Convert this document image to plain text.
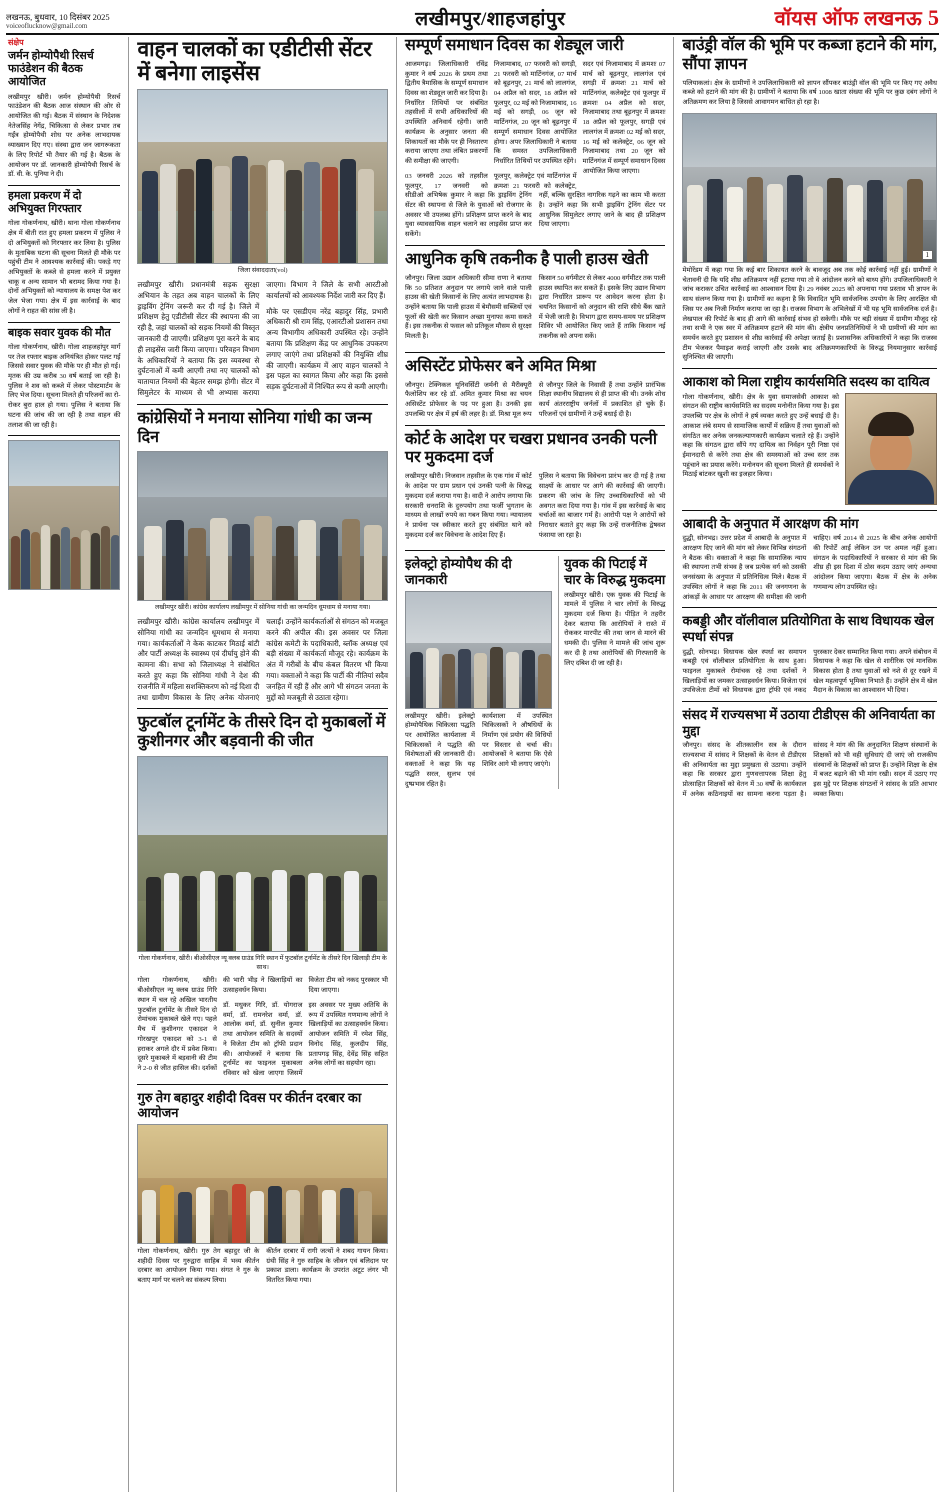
लखनऊ, बुधवार, 10 दिसंबर 2025
voiceoflucknow@gmail.com	लखीमपुर/शाहजहांपुर	वॉयस ऑफ लखनऊ 5
संक्षेप
जर्मन होम्योपैथी रिसर्च फाउंडेशन की बैठक आयोजित

लखीमपुर खीरी। जर्मन होम्योपैथी रिसर्च फाउंडेशन की बैठक आज संस्थान की ओर से आयोजित की गई। बैठक में संस्थान के निदेशक नेतेजसिंह नेगेंद्र, चिकित्सा से लेकर प्रभार तब गईंत्र होम्योपैथी शोध पर अनेक लाभदायक व्याख्यान दिए गए। संस्था द्वारा जन जागरूकता के लिए रिपोर्ट भी तैयार की गई है। बैठक के आयोजन पर डॉ. जानकारी होम्योपैथी रिसर्च के डॉ. वी. के. पुनिया ने दी।

हमला प्रकरण में दो अभियुक्त गिरफ्तार

गोला गोकर्णनाथ, खीरी। थाना गोला गोकर्णनाथ क्षेत्र में बीती रात हुए हमला प्रकरण में पुलिस ने दो अभियुक्तों को गिरफ्तार कर लिया है। पुलिस के मुताबिक घटना की सूचना मिलते ही मौके पर पहुंची टीम ने आवश्यक कार्रवाई की। पकड़े गए अभियुक्तों के कब्जे से हमला करने में प्रयुक्त चाकू व अन्य सामान भी बरामद किया गया है। दोनों अभियुक्तों को न्यायालय के समक्ष पेश कर जेल भेजा गया। क्षेत्र में इस कार्रवाई के बाद लोगों ने राहत की सांस ली है।

बाइक सवार युवक की मौत

गोला गोकर्णनाथ, खीरी। गोला शाहजहांपुर मार्ग पर तेज रफ्तार बाइक अनियंत्रित होकर पलट गई जिससे सवार युवक की मौके पर ही मौत हो गई। मृतक की उम्र करीब 30 वर्ष बताई जा रही है। पुलिस ने शव को कब्जे में लेकर पोस्टमार्टम के लिए भेज दिया। सूचना मिलते ही परिजनों का रो-रोकर बुरा हाल हो गया। पुलिस ने बताया कि घटना की जांच की जा रही है तथा वाहन की तलाश की जा रही है।

वाहन चालकों का एडीटीसी सेंटर में बनेगा लाइसेंस
जिला संवाददाता(vol)

लखीमपुर खीरी। प्रधानमंत्री सड़क सुरक्षा अभियान के तहत अब वाहन चालकों के लिए ड्राइविंग ट्रेनिंग जरूरी कर दी गई है। जिले में प्रशिक्षण हेतु एडीटीसी सेंटर की स्थापना की जा रही है, जहां चालकों को सड़क नियमों की विस्तृत जानकारी दी जाएगी। प्रशिक्षण पूरा करने के बाद ही लाइसेंस जारी किया जाएगा। परिवहन विभाग के अधिकारियों ने बताया कि इस व्यवस्था से दुर्घटनाओं में कमी आएगी तथा नए चालकों को यातायात नियमों की बेहतर समझ होगी। सेंटर में सिमुलेटर के माध्यम से भी अभ्यास कराया जाएगा। विभाग ने जिले के सभी आरटीओ कार्यालयों को आवश्यक निर्देश जारी कर दिए हैं।

मौके पर एसडीएम नरेंद्र बहादुर सिंह, प्रभारी अधिकारी श्री राम सिंह, एआरटीओ प्रशासन तथा अन्य विभागीय अधिकारी उपस्थित रहे। उन्होंने बताया कि प्रशिक्षण केंद्र पर आधुनिक उपकरण लगाए जाएंगे तथा प्रशिक्षकों की नियुक्ति शीघ्र की जाएगी। कार्यक्रम में आए वाहन चालकों ने इस पहल का स्वागत किया और कहा कि इससे सड़क दुर्घटनाओं में निश्चित रूप से कमी आएगी।

कांग्रेसियों ने मनाया सोनिया गांधी का जन्म दिन
लखीमपुर खीरी। कांग्रेस कार्यालय लखीमपुर में सोनिया गांधी का जन्मदिन धूमधाम से मनाया गया।

लखीमपुर खीरी। कांग्रेस कार्यालय लखीमपुर में सोनिया गांधी का जन्मदिन धूमधाम से मनाया गया। कार्यकर्ताओं ने केक काटकर मिठाई बांटी और पार्टी अध्यक्ष के स्वास्थ्य एवं दीर्घायु होने की कामना की। सभा को जिलाध्यक्ष ने संबोधित करते हुए कहा कि सोनिया गांधी ने देश की राजनीति में महिला सशक्तिकरण को नई दिशा दी तथा ग्रामीण विकास के लिए अनेक योजनाएं चलाईं। उन्होंने कार्यकर्ताओं से संगठन को मजबूत करने की अपील की। इस अवसर पर जिला कांग्रेस कमेटी के पदाधिकारी, ब्लॉक अध्यक्ष एवं बड़ी संख्या में कार्यकर्ता मौजूद रहे। कार्यक्रम के अंत में गरीबों के बीच कंबल वितरण भी किया गया। वक्ताओं ने कहा कि पार्टी की नीतियां सदैव जनहित में रही हैं और आगे भी संगठन जनता के मुद्दों को मजबूती से उठाता रहेगा।

फुटबॉल टूर्नामेंट के तीसरे दिन दो मुकाबलों में कुशीनगर और बड़वानी की जीत
गोला गोकर्णनाथ, खीरी। बीओसीएल न्यू क्लब ग्राउंड गिरि स्थान में फुटबॉल टूर्नामेंट के तीसरे दिन खिलाड़ी टीम के साथ।

गोला गोकर्णनाथ, खीरी। बीओसीएल न्यू क्लब ग्राउंड गिरि स्थान में चल रहे अखिल भारतीय फुटबॉल टूर्नामेंट के तीसरे दिन दो रोमांचक मुकाबले खेले गए। पहले मैच में कुशीनगर एकादश ने गोरखपुर एकादश को 3-1 से हराकर अगले दौर में प्रवेश किया। दूसरे मुकाबले में बड़वानी की टीम ने 2-0 से जीत हासिल की। दर्शकों की भारी भीड़ ने खिलाड़ियों का उत्साहवर्धन किया।

डॉ. मधुकर गिरि, डॉ. योगराज वर्मा, डॉ. रामनरेश वर्मा, डॉ. आलोक वर्मा, डॉ. सुनील कुमार तथा आयोजन समिति के सदस्यों ने विजेता टीम को ट्रॉफी प्रदान की। आयोजकों ने बताया कि टूर्नामेंट का फाइनल मुकाबला रविवार को खेला जाएगा जिसमें विजेता टीम को नकद पुरस्कार भी दिया जाएगा।

इस अवसर पर मुख्य अतिथि के रूप में उपस्थित गणमान्य लोगों ने खिलाड़ियों का उत्साहवर्धन किया। आयोजन समिति में रमेश सिंह, विनोद सिंह, कुलदीप सिंह, प्रतापगढ़ सिंह, देवेंद्र सिंह सहित अनेक लोगों का सहयोग रहा।

गुरु तेग बहादुर शहीदी दिवस पर कीर्तन दरबार का आयोजन

गोला गोकर्णनाथ, खीरी। गुरु तेग बहादुर जी के शहीदी दिवस पर गुरुद्वारा साहिब में भव्य कीर्तन दरबार का आयोजन किया गया। संगत ने गुरु के बताए मार्ग पर चलने का संकल्प लिया।

कीर्तन दरबार में रागी जत्थों ने शबद गायन किया। ग्रंथी सिंह ने गुरु साहिब के जीवन एवं बलिदान पर प्रकाश डाला। कार्यक्रम के उपरांत अटूट लंगर भी वितरित किया गया।

सम्पूर्ण समाधान दिवस का शेड्यूल जारी

आजमगढ़। जिलाधिकारी रविंद्र कुमार ने वर्ष 2026 के प्रथम तथा द्वितीय त्रैमासिक के सम्पूर्ण समाधान दिवस का शेड्यूल जारी कर दिया है। निर्धारित तिथियों पर संबंधित तहसीलों में सभी अधिकारियों की उपस्थिति अनिवार्य रहेगी। जारी कार्यक्रम के अनुसार जनता की शिकायतों का मौके पर ही निस्तारण कराया जाएगा तथा लंबित प्रकरणों की समीक्षा की जाएगी।

03 जनवरी 2026 को तहसील फूलपुर, 17 जनवरी को निजामाबाद, 07 फरवरी को सगड़ी, 21 फरवरी को मार्टिनगंज, 07 मार्च को बूढ़नपुर, 21 मार्च को लालगंज, 04 अप्रैल को सदर, 18 अप्रैल को फूलपुर, 02 मई को निजामाबाद, 16 मई को सगड़ी, 06 जून को मार्टिनगंज, 20 जून को बूढ़नपुर में सम्पूर्ण समाधान दिवस आयोजित होगा। अपर जिलाधिकारी ने बताया कि समस्त उपजिलाधिकारी निर्धारित तिथियों पर उपस्थित रहेंगे।

फूलपुर, कलेक्ट्रेट एवं मार्टिनगंज में क्रमशः 21 फरवरी को कलेक्ट्रेट, सदर एवं निजामाबाद में क्रमशः 07 मार्च को बूढ़नपुर, लालगंज एवं सगड़ी में क्रमशः 21 मार्च को मार्टिनगंज, कलेक्ट्रेट एवं फूलपुर में क्रमशः 04 अप्रैल को सदर, निजामाबाद तथा बूढ़नपुर में क्रमशः 18 अप्रैल को फूलपुर, सगड़ी एवं लालगंज में क्रमशः 02 मई को सदर, 16 मई को कलेक्ट्रेट, 06 जून को निजामाबाद तथा 20 जून को मार्टिनगंज में सम्पूर्ण समाधान दिवस आयोजित किया जाएगा।

सीडीओ अभिषेक कुमार ने कहा कि ड्राइविंग ट्रेनिंग सेंटर की स्थापना से जिले के युवाओं को रोजगार के अवसर भी उपलब्ध होंगे। प्रशिक्षण प्राप्त करने के बाद युवा व्यावसायिक वाहन चलाने का लाइसेंस प्राप्त कर सकेंगे।

नहीं, बल्कि सुरक्षित नागरिक गढ़ने का काम भी करता है। उन्होंने कहा कि सभी ड्राइविंग ट्रेनिंग सेंटर पर आधुनिक सिमुलेटर लगाए जाने के बाद ही प्रशिक्षण दिया जाएगा।

आधुनिक कृषि तकनीक है पाली हाउस खेती

जौनपुर। जिला उद्यान अधिकारी सीमा राणा ने बताया कि 50 प्रतिशत अनुदान पर लगाये जाने वाले पाली हाउस की खेती किसानों के लिए अत्यंत लाभदायक है। उन्होंने बताया कि पाली हाउस में बेमौसमी सब्जियों एवं फूलों की खेती कर किसान अच्छा मुनाफा कमा सकते हैं। इस तकनीक से फसल को प्रतिकूल मौसम से सुरक्षा मिलती है।

किसान 50 वर्गमीटर से लेकर 4000 वर्गमीटर तक पाली हाउस स्थापित कर सकते हैं। इसके लिए उद्यान विभाग द्वारा निर्धारित प्रारूप पर आवेदन करना होता है। चयनित किसानों को अनुदान की राशि सीधे बैंक खाते में भेजी जाती है। विभाग द्वारा समय-समय पर प्रशिक्षण शिविर भी आयोजित किए जाते हैं ताकि किसान नई तकनीक को अपना सकें।

असिस्टेंट प्रोफेसर बने अमित मिश्रा

जौनपुर। टेक्निकल यूनिवर्सिटी जर्मनी से मैरीक्यूरी फैलोशिप कर रहे डॉ. अमित कुमार मिश्रा का चयन असिस्टेंट प्रोफेसर के पद पर हुआ है। उनकी इस उपलब्धि पर क्षेत्र में हर्ष की लहर है। डॉ. मिश्रा मूल रूप से जौनपुर जिले के निवासी हैं तथा उन्होंने प्रारंभिक शिक्षा स्थानीय विद्यालय से ही प्राप्त की थी। उनके शोध कार्य अंतरराष्ट्रीय जर्नलों में प्रकाशित हो चुके हैं। परिजनों एवं ग्रामीणों ने उन्हें बधाई दी है।

कोर्ट के आदेश पर चखरा प्रधानव उनकी पत्नी पर मुकदमा दर्ज

लखीमपुर खीरी। निजवान तहसील के एक गांव में कोर्ट के आदेश पर ग्राम प्रधान एवं उनकी पत्नी के विरुद्ध मुकदमा दर्ज कराया गया है। वादी ने आरोप लगाया कि सरकारी धनराशि के दुरुपयोग तथा फर्जी भुगतान के माध्यम से लाखों रुपये का गबन किया गया। न्यायालय ने प्रार्थना पत्र स्वीकार करते हुए संबंधित थाने को मुकदमा दर्ज कर विवेचना के आदेश दिए हैं।

पुलिस ने बताया कि विवेचना प्रारंभ कर दी गई है तथा साक्ष्यों के आधार पर आगे की कार्रवाई की जाएगी। प्रकरण की जांच के लिए उच्चाधिकारियों को भी अवगत करा दिया गया है। गांव में इस कार्रवाई के बाद चर्चाओं का बाजार गर्म है। आरोपी पक्ष ने आरोपों को निराधार बताते हुए कहा कि उन्हें राजनीतिक द्वेषवश फंसाया जा रहा है।

इलेक्ट्रो होम्योपैथ की दी जानकारी

लखीमपुर खीरी। इलेक्ट्रो होम्योपैथिक चिकित्सा पद्धति पर आयोजित कार्यशाला में चिकित्सकों ने पद्धति की विशेषताओं की जानकारी दी। वक्ताओं ने कहा कि यह पद्धति सरल, सुलभ एवं दुष्प्रभाव रहित है।

कार्यशाला में उपस्थित चिकित्सकों ने औषधियों के निर्माण एवं प्रयोग की विधियों पर विस्तार से चर्चा की। आयोजकों ने बताया कि ऐसे शिविर आगे भी लगाए जाएंगे।

युवक की पिटाई में चार के विरुद्ध मुकदमा

लखीमपुर खीरी। एक युवक की पिटाई के मामले में पुलिस ने चार लोगों के विरुद्ध मुकदमा दर्ज किया है। पीड़ित ने तहरीर देकर बताया कि आरोपियों ने रास्ते में रोककर मारपीट की तथा जान से मारने की धमकी दी। पुलिस ने मामले की जांच शुरू कर दी है तथा आरोपियों की गिरफ्तारी के लिए दबिश दी जा रही है।

बाउंड्री वॉल की भूमि पर कब्जा हटाने की मांग, सौंपा ज्ञापन

पलियाकलां। क्षेत्र के ग्रामीणों ने उपजिलाधिकारी को ज्ञापन सौंपकर बाउंड्री वॉल की भूमि पर किए गए अवैध कब्जे को हटाने की मांग की है। ग्रामीणों ने बताया कि वर्ष 1008 खाता संख्या की भूमि पर कुछ दबंग लोगों ने अतिक्रमण कर लिया है जिससे आवागमन बाधित हो रहा है।

1

मेमोरेंडम में कहा गया कि कई बार शिकायत करने के बावजूद अब तक कोई कार्रवाई नहीं हुई। ग्रामीणों ने चेतावनी दी कि यदि शीघ्र अतिक्रमण नहीं हटाया गया तो वे आंदोलन करने को बाध्य होंगे। उपजिलाधिकारी ने जांच कराकर उचित कार्रवाई का आश्वासन दिया है। 29 नवंबर 2025 को अपनाया गया प्रस्ताव भी ज्ञापन के साथ संलग्न किया गया है। ग्रामीणों का कहना है कि विवादित भूमि सार्वजनिक उपयोग के लिए आरक्षित थी जिस पर अब निजी निर्माण कराया जा रहा है। राजस्व विभाग के अभिलेखों में भी यह भूमि सार्वजनिक दर्ज है। लेखपाल की रिपोर्ट के बाद ही आगे की कार्रवाई संभव हो सकेगी। मौके पर बड़ी संख्या में ग्रामीण मौजूद रहे तथा सभी ने एक स्वर में अतिक्रमण हटाने की मांग की। क्षेत्रीय जनप्रतिनिधियों ने भी ग्रामीणों की मांग का समर्थन करते हुए प्रशासन से शीघ्र कार्रवाई की अपेक्षा जताई है। प्रशासनिक अधिकारियों ने कहा कि राजस्व टीम भेजकर पैमाइश कराई जाएगी और उसके बाद अतिक्रमणकारियों के विरुद्ध नियमानुसार कार्रवाई सुनिश्चित की जाएगी।

आकाश को मिला राष्ट्रीय कार्यसमिति सदस्य का दायित्व

गोला गोकर्णनाथ, खीरी। क्षेत्र के युवा समाजसेवी आकाश को संगठन की राष्ट्रीय कार्यसमिति का सदस्य मनोनीत किया गया है। इस उपलब्धि पर क्षेत्र के लोगों ने हर्ष व्यक्त करते हुए उन्हें बधाई दी है। आकाश लंबे समय से सामाजिक कार्यों में सक्रिय हैं तथा युवाओं को संगठित कर अनेक जनकल्याणकारी कार्यक्रम चलाते रहे हैं। उन्होंने कहा कि संगठन द्वारा सौंपे गए दायित्व का निर्वहन पूरी निष्ठा एवं ईमानदारी से करेंगे तथा क्षेत्र की समस्याओं को उच्च स्तर तक पहुंचाने का प्रयास करेंगे। मनोनयन की सूचना मिलते ही समर्थकों ने मिठाई बांटकर खुशी का इजहार किया।

आबादी के अनुपात में आरक्षण की मांग

दुद्धी, सोनभद्र। उत्तर प्रदेश में आबादी के अनुपात में आरक्षण दिए जाने की मांग को लेकर विभिन्न संगठनों ने बैठक की। वक्ताओं ने कहा कि सामाजिक न्याय की स्थापना तभी संभव है जब प्रत्येक वर्ग को उसकी जनसंख्या के अनुपात में प्रतिनिधित्व मिले। बैठक में उपस्थित लोगों ने कहा कि 2011 की जनगणना के आंकड़ों के आधार पर आरक्षण की समीक्षा की जानी चाहिए। वर्ष 2014 से 2025 के बीच अनेक आयोगों की रिपोर्टें आईं लेकिन उन पर अमल नहीं हुआ। संगठन के पदाधिकारियों ने सरकार से मांग की कि शीघ्र ही इस दिशा में ठोस कदम उठाए जाएं अन्यथा आंदोलन किया जाएगा। बैठक में क्षेत्र के अनेक गणमान्य लोग उपस्थित रहे।

कबड्डी और वॉलीवाल प्रतियोगिता के साथ विधायक खेल स्पर्धा संपन्न

दुद्धी, सोनभद्र। विधायक खेल स्पर्धा का समापन कबड्डी एवं वॉलीबाल प्रतियोगिता के साथ हुआ। फाइनल मुकाबले रोमांचक रहे तथा दर्शकों ने खिलाड़ियों का जमकर उत्साहवर्धन किया। विजेता एवं उपविजेता टीमों को विधायक द्वारा ट्रॉफी एवं नकद पुरस्कार देकर सम्मानित किया गया। अपने संबोधन में विधायक ने कहा कि खेल से शारीरिक एवं मानसिक विकास होता है तथा युवाओं को नशे से दूर रखने में खेल महत्वपूर्ण भूमिका निभाते हैं। उन्होंने क्षेत्र में खेल मैदान के विकास का आश्वासन भी दिया।

संसद में राज्यसभा में उठाया टीडीएस की अनिवार्यता का मुद्दा

जौनपुर। संसद के शीतकालीन सत्र के दौरान राज्यसभा में सांसद ने शिक्षकों के वेतन से टीडीएस की अनिवार्यता का मुद्दा प्रमुखता से उठाया। उन्होंने कहा कि सरकार द्वारा गुणवत्तापरक शिक्षा हेतु प्रोत्साहित शिक्षकों को वेतन में 30 वर्षों के कार्यकाल में अनेक कठिनाइयों का सामना करना पड़ता है। सांसद ने मांग की कि अनुदानित शिक्षण संस्थानों के शिक्षकों को भी वही सुविधाएं दी जाएं जो राजकीय संस्थानों के शिक्षकों को प्राप्त हैं। उन्होंने शिक्षा के क्षेत्र में बजट बढ़ाने की भी मांग रखी। सदन में उठाए गए इस मुद्दे पर शिक्षक संगठनों ने सांसद के प्रति आभार व्यक्त किया।
